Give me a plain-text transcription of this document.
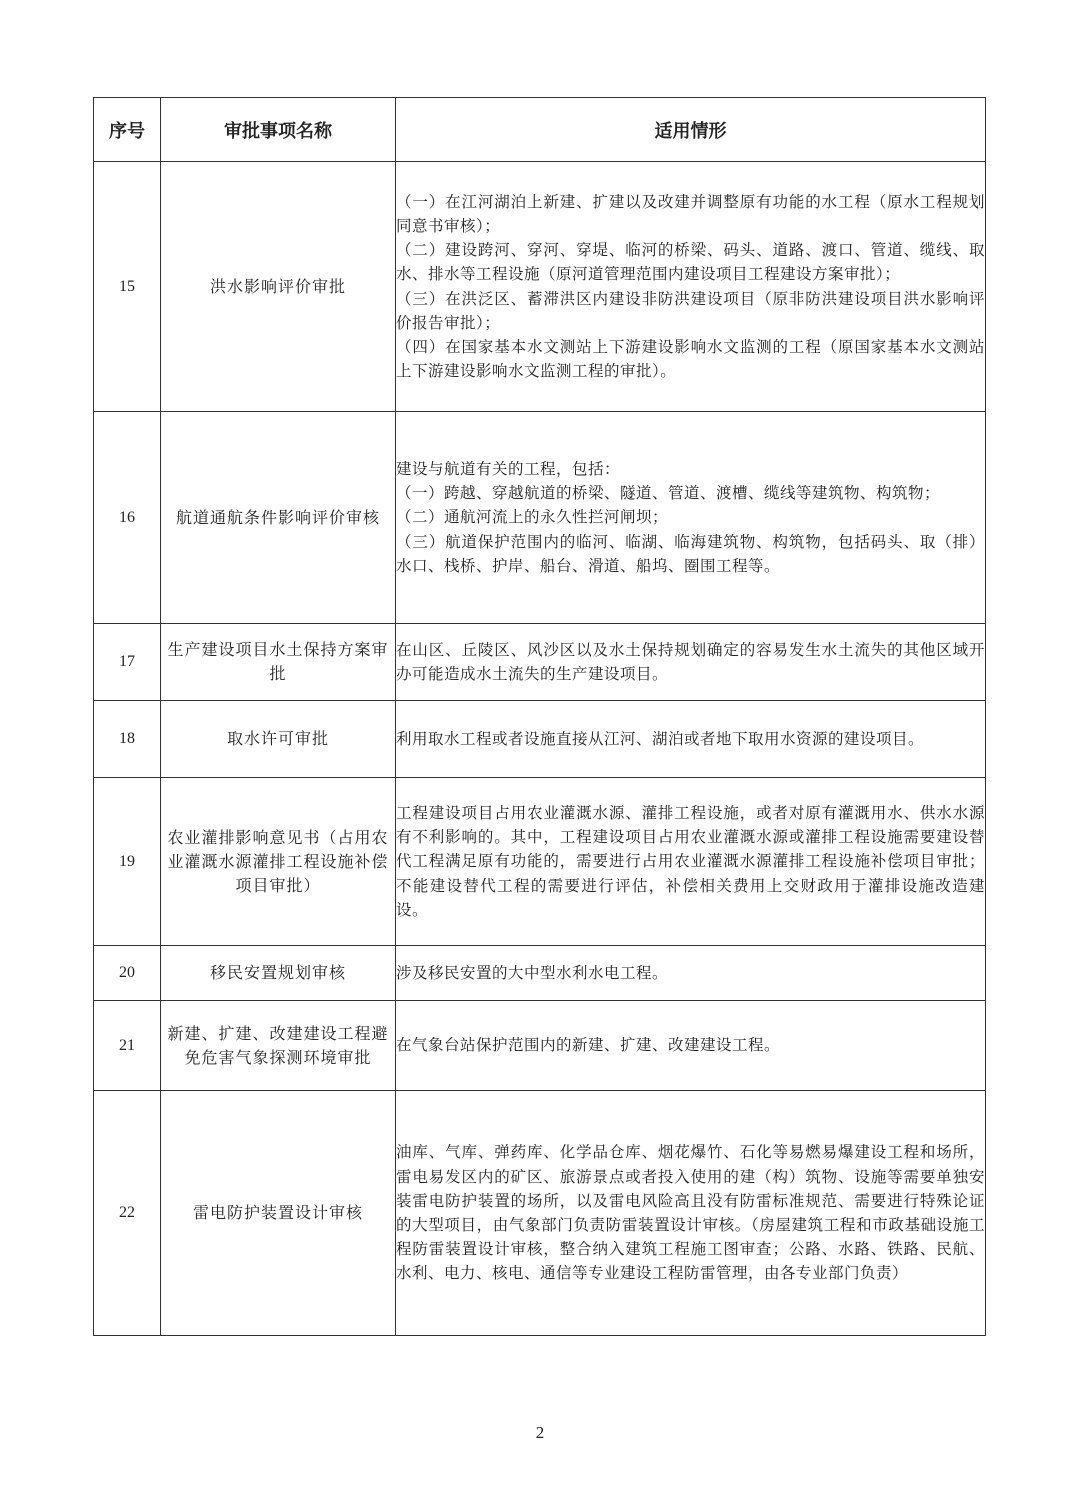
序号	审批事项名称	适用情形
15	洪水影响评价审批	（一）在江河湖泊上新建、扩建以及改建并调整原有功能的水工程（原水工程规划同意书审核）；
（二）建设跨河、穿河、穿堤、临河的桥梁、码头、道路、渡口、管道、缆线、取水、排水等工程设施（原河道管理范围内建设项目工程建设方案审批）；
（三）在洪泛区、蓄滞洪区内建设非防洪建设项目（原非防洪建设项目洪水影响评价报告审批）；
（四）在国家基本水文测站上下游建设影响水文监测的工程（原国家基本水文测站上下游建设影响水文监测工程的审批）。

16	航道通航条件影响评价审核	建设与航道有关的工程，包括：
（一）跨越、穿越航道的桥梁、隧道、管道、渡槽、缆线等建筑物、构筑物；
（二）通航河流上的永久性拦河闸坝；
（三）航道保护范围内的临河、临湖、临海建筑物、构筑物，包括码头、取（排）水口、栈桥、护岸、船台、滑道、船坞、圈围工程等。

17	生产建设项目水土保持方案审批	在山区、丘陵区、风沙区以及水土保持规划确定的容易发生水土流失的其他区域开办可能造成水土流失的生产建设项目。

18	取水许可审批	利用取水工程或者设施直接从江河、湖泊或者地下取用水资源的建设项目。

19	农业灌排影响意见书（占用农业灌溉水源灌排工程设施补偿项目审批）	工程建设项目占用农业灌溉水源、灌排工程设施，或者对原有灌溉用水、供水水源有不利影响的。其中，工程建设项目占用农业灌溉水源或灌排工程设施需要建设替代工程满足原有功能的，需要进行占用农业灌溉水源灌排工程设施补偿项目审批；不能建设替代工程的需要进行评估，补偿相关费用上交财政用于灌排设施改造建设。

20	移民安置规划审核	涉及移民安置的大中型水利水电工程。

21	新建、扩建、改建建设工程避免危害气象探测环境审批	在气象台站保护范围内的新建、扩建、改建建设工程。

22	雷电防护装置设计审核	油库、气库、弹药库、化学品仓库、烟花爆竹、石化等易燃易爆建设工程和场所，雷电易发区内的矿区、旅游景点或者投入使用的建（构）筑物、设施等需要单独安装雷电防护装置的场所，以及雷电风险高且没有防雷标准规范、需要进行特殊论证的大型项目，由气象部门负责防雷装置设计审核。（房屋建筑工程和市政基础设施工程防雷装置设计审核，整合纳入建筑工程施工图审查；公路、水路、铁路、民航、水利、电力、核电、通信等专业建设工程防雷管理，由各专业部门负责）
2
